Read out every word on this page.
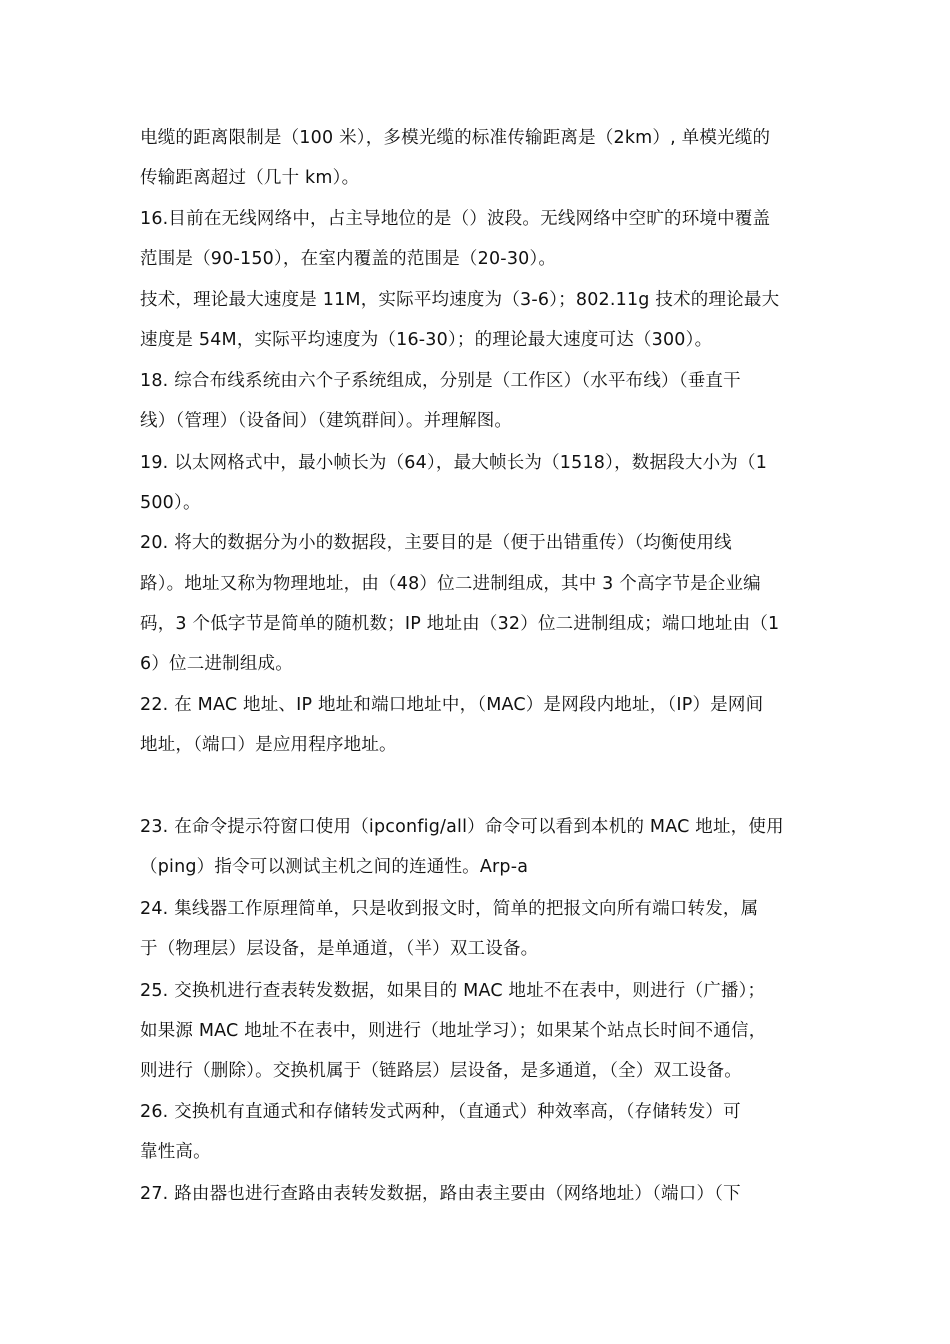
电缆的距离限制是（100 米），多模光缆的标准传输距离是（2km）, 单模光缆的
传输距离超过（几十 km）。
16.目前在无线网络中，占主导地位的是（）波段。无线网络中空旷的环境中覆盖
范围是（90-150），在室内覆盖的范围是（20-30）。
技术，理论最大速度是 11M，实际平均速度为（3-6）；802.11g 技术的理论最大
速度是 54M，实际平均速度为（16-30）；的理论最大速度可达（300）。
18. 综合布线系统由六个子系统组成，分别是（工作区）（水平布线）（垂直干
线）（管理）（设备间）（建筑群间）。并理解图。
19. 以太网格式中，最小帧长为（64），最大帧长为（1518），数据段大小为（1
500）。
20. 将大的数据分为小的数据段，主要目的是（便于出错重传）（均衡使用线
路）。地址又称为物理地址，由（48）位二进制组成，其中 3 个高字节是企业编
码，3 个低字节是简单的随机数；IP 地址由（32）位二进制组成；端口地址由（1
6）位二进制组成。
22. 在 MAC 地址、IP 地址和端口地址中，（MAC）是网段内地址，（IP）是网间
地址，（端口）是应用程序地址。
23. 在命令提示符窗口使用（ipconfig/all）命令可以看到本机的 MAC 地址，使用
（ping）指令可以测试主机之间的连通性。Arp-a
24. 集线器工作原理简单，只是收到报文时，简单的把报文向所有端口转发，属
于（物理层）层设备，是单通道，（半）双工设备。
25. 交换机进行查表转发数据，如果目的 MAC 地址不在表中，则进行（广播）；
如果源 MAC 地址不在表中，则进行（地址学习）；如果某个站点长时间不通信，
则进行（删除）。交换机属于（链路层）层设备，是多通道，（全）双工设备。
26. 交换机有直通式和存储转发式两种，（直通式）种效率高，（存储转发）可
靠性高。
27. 路由器也进行查路由表转发数据，路由表主要由（网络地址）（端口）（下
